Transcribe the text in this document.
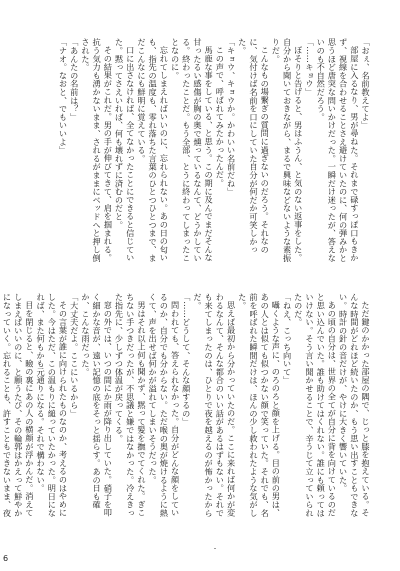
「おぇ、名前教えてよ」
部屋に入るなり、男が尋ねた。それまで碌すっぽ口もきかず、視線を合わせることさえ避けていたのに、何の弾みかと思うほど唐突な問いかけだった。一瞬だけ迷ったが、答えないのも不自然だろう。
「……キョウ」
ぼそりと告げると、男はふうん、と気のない返事をした。自分から聞いておきながら、まるで興味などないような素振りだ。
こんなもの場繋ぎの質問に過ぎないのだろう。それなのに、気付けば名前を口にしていた自分が何だか可笑しかった。
「キョウ、キョウか。かわいい名前だね」
この声で、呼ばれてみたかったんだ。
馬鹿な事をしている、と思う。この期に及んでまだそんな甘ったるい感傷が胸の奥で燻っているなんて、どうかしている。終わったことだ。もう全部、とうに終わってしまったことなのに。
忘れてしまえればいいのに、忘れられない。あの日の匂いも、指先の温度も、零れ落ちた言葉のひとつひとつまで、まだこんなにも鮮明に覚えている。
口に出さなければ、全てなかったことにできると信じていた。黙ってさえいれば、何も壊れずに済むのだと。
その結果がこれだ。男の手が伸びてきて、肩を掴まれる。抗う気力も湧かないまま、されるがままにベッドへと押し倒された。
「あんたの名前は？」
「ナオ。なおと、でもいいよ」
ただ鍵のかかった部屋の隅で、じっと膝を抱えている。そんな時間がどれほど続いたのか、もう思い出すこともできない。時計の針の音だけが、やけに大きく響いていた。
あの頃の自分は、世界の全てが自分に背を向けているのだと思い込んでいた。誰も助けてはくれない。誰にも頼ってはいけない。そう言い聞かせることで、辛うじて立っていられたのだ。
「ねえ、こっち向いて」
囁くような声に、のろのろと顔を上げる。目の前の男は、あの人とは似ても似つかない顔で笑っていた。それでも、名前を呼ばれた瞬間だけは、ほんの少し救われたような気がした。
思えば最初から分かっていたのだ。ここに来れば何かが変わるなんて、そんな都合のいい話があるはずもない。それでも来てしまったのは、ひとりで夜を越えるのが怖かったからだ。
「……どうして、そんな顔するの」
問われても、答えられなかった。自分がどんな顔をしているのか、自分でも分からない。ただ喉の奥が焼けるように熱くて、声を出せば何かが溢れてしまいそうだった。
男はそれ以上何も聞かず、黙って髪を撫でてくれた。ぎこちない手つきだったが、不思議と嫌ではなかった。冷えきった指先に、少しずつ体温が戻ってくる。
窓の外では、いつの間にか雨が降り出していた。硝子を叩く細かな音が、遠い記憶の底をそっと揺らす。あの日も確か、こんな雨だった。
「大丈夫だよ。ここにいるから」
その言葉が誰に向けられたものなのか、考えるのはやめにした。今はただ、この温もりに縋っていたかった。明日になれば、また何もかも元通りになる。それで構わない。
目を閉じると、瞼の裏にあの人の横顔が浮かんだ。消えてしまえばいいのに、と願うたび、その輪郭はかえって鮮やかになっていく。忘れることも、許すこともできないまま、夜
6
